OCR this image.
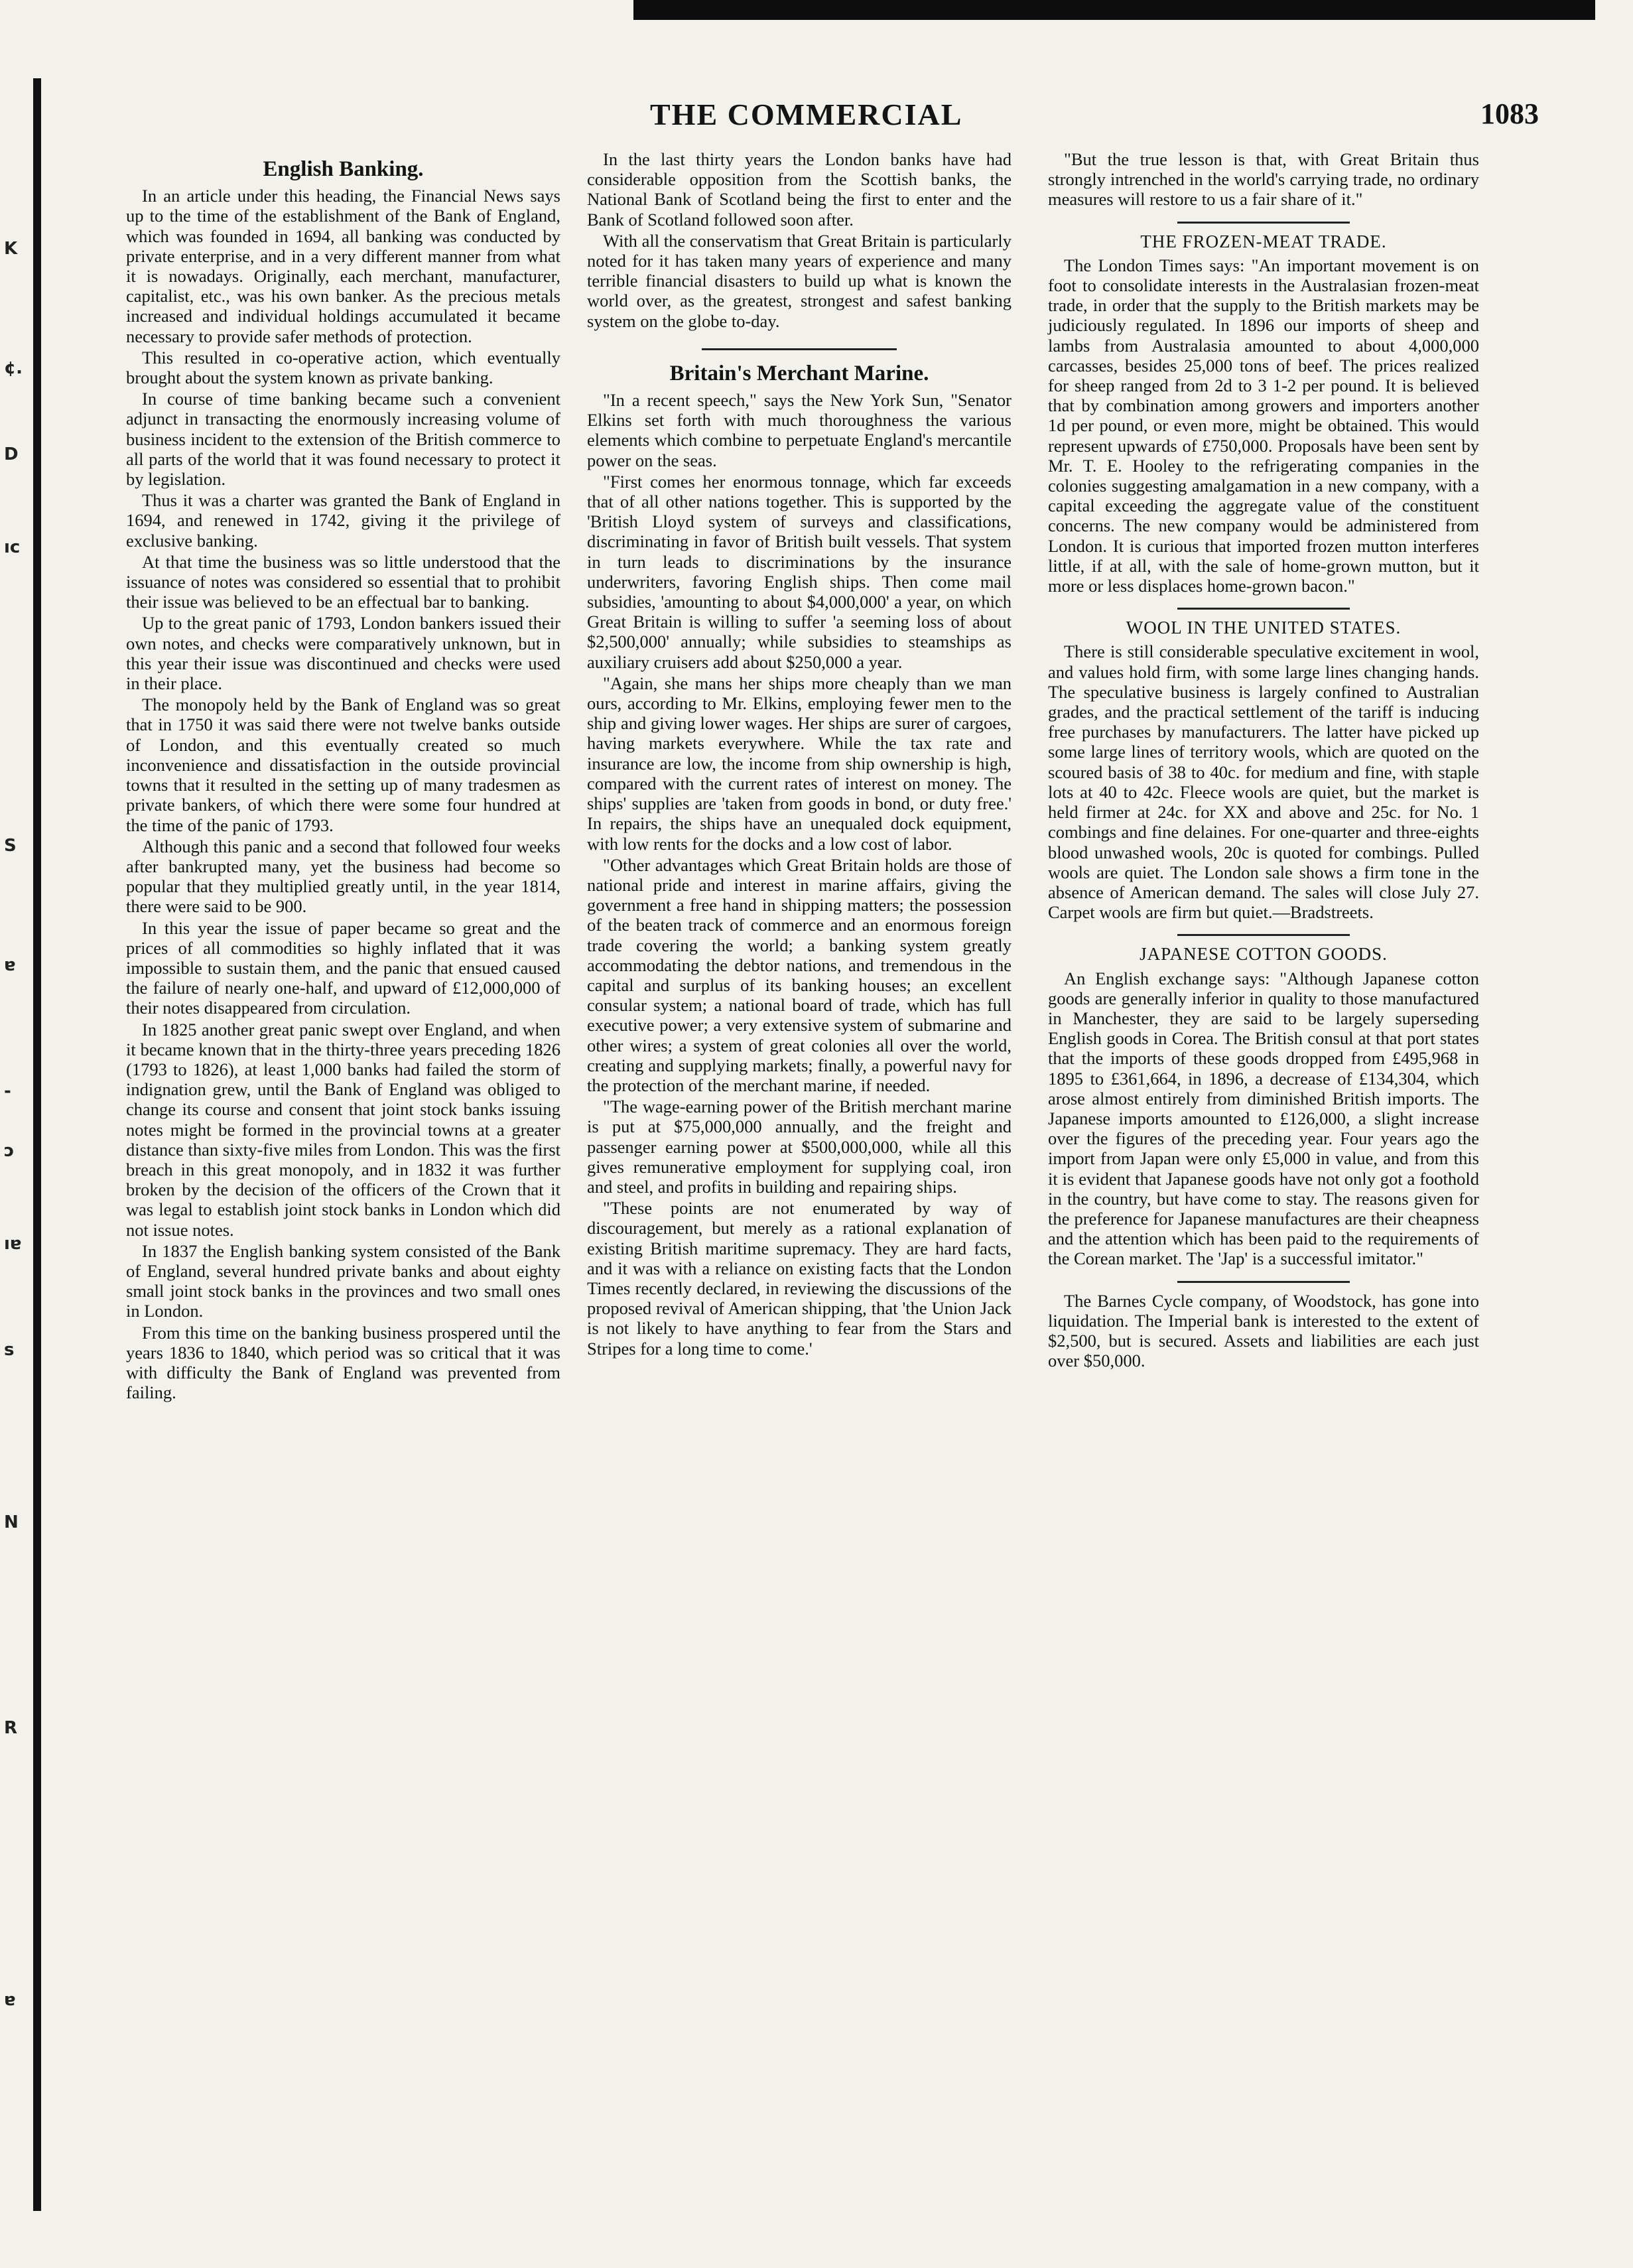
K
¢.
D
ıc
S
ɐ
-
ɔ
ıɐ
s
N
R
ɐ
THE COMMERCIAL	1083
English Banking.

In an article under this heading, the Financial News says up to the time of the establishment of the Bank of England, which was founded in 1694, all banking was conducted by private enterprise, and in a very different manner from what it is nowadays. Originally, each merchant, manufacturer, capitalist, etc., was his own banker. As the precious metals increased and individual holdings accumulated it became necessary to provide safer methods of protection.

This resulted in co-operative action, which eventually brought about the system known as private banking.

In course of time banking became such a convenient adjunct in transacting the enormously increasing volume of business incident to the extension of the British commerce to all parts of the world that it was found necessary to protect it by legislation.

Thus it was a charter was granted the Bank of England in 1694, and renewed in 1742, giving it the privilege of exclusive banking.

At that time the business was so little understood that the issuance of notes was considered so essential that to prohibit their issue was believed to be an effectual bar to banking.

Up to the great panic of 1793, London bankers issued their own notes, and checks were comparatively unknown, but in this year their issue was discontinued and checks were used in their place.

The monopoly held by the Bank of England was so great that in 1750 it was said there were not twelve banks outside of London, and this eventually created so much inconvenience and dissatisfaction in the outside provincial towns that it resulted in the setting up of many tradesmen as private bankers, of which there were some four hundred at the time of the panic of 1793.

Although this panic and a second that followed four weeks after bankrupted many, yet the business had become so popular that they multiplied greatly until, in the year 1814, there were said to be 900.

In this year the issue of paper became so great and the prices of all commodities so highly inflated that it was impossible to sustain them, and the panic that ensued caused the failure of nearly one-half, and upward of £12,000,000 of their notes disappeared from circulation.

In 1825 another great panic swept over England, and when it became known that in the thirty-three years preceding 1826 (1793 to 1826), at least 1,000 banks had failed the storm of indignation grew, until the Bank of England was obliged to change its course and consent that joint stock banks issuing notes might be formed in the provincial towns at a greater distance than sixty-five miles from London. This was the first breach in this great monopoly, and in 1832 it was further broken by the decision of the officers of the Crown that it was legal to establish joint stock banks in London which did not issue notes.

In 1837 the English banking system consisted of the Bank of England, several hundred private banks and about eighty small joint stock banks in the provinces and two small ones in London.

From this time on the banking business prospered until the years 1836 to 1840, which period was so critical that it was with difficulty the Bank of England was prevented from failing.

In the last thirty years the London banks have had considerable opposition from the Scottish banks, the National Bank of Scotland being the first to enter and the Bank of Scotland followed soon after.

With all the conservatism that Great Britain is particularly noted for it has taken many years of experience and many terrible financial disasters to build up what is known the world over, as the greatest, strongest and safest banking system on the globe to-day.

Britain's Merchant Marine.

"In a recent speech," says the New York Sun, "Senator Elkins set forth with much thoroughness the various elements which combine to perpetuate England's mercantile power on the seas.

"First comes her enormous tonnage, which far exceeds that of all other nations together. This is supported by the 'British Lloyd system of surveys and classifications, discriminating in favor of British built vessels. That system in turn leads to discriminations by the insurance underwriters, favoring English ships. Then come mail subsidies, 'amounting to about $4,000,000' a year, on which Great Britain is willing to suffer 'a seeming loss of about $2,500,000' annually; while subsidies to steamships as auxiliary cruisers add about $250,000 a year.

"Again, she mans her ships more cheaply than we man ours, according to Mr. Elkins, employing fewer men to the ship and giving lower wages. Her ships are surer of cargoes, having markets everywhere. While the tax rate and insurance are low, the income from ship ownership is high, compared with the current rates of interest on money. The ships' supplies are 'taken from goods in bond, or duty free.' In repairs, the ships have an unequaled dock equipment, with low rents for the docks and a low cost of labor.

"Other advantages which Great Britain holds are those of national pride and interest in marine affairs, giving the government a free hand in shipping matters; the possession of the beaten track of commerce and an enormous foreign trade covering the world; a banking system greatly accommodating the debtor nations, and tremendous in the capital and surplus of its banking houses; an excellent consular system; a national board of trade, which has full executive power; a very extensive system of submarine and other wires; a system of great colonies all over the world, creating and supplying markets; finally, a powerful navy for the protection of the merchant marine, if needed.

"The wage-earning power of the British merchant marine is put at $75,000,000 annually, and the freight and passenger earning power at $500,000,000, while all this gives remunerative employment for supplying coal, iron and steel, and profits in building and repairing ships.

"These points are not enumerated by way of discouragement, but merely as a rational explanation of existing British maritime supremacy. They are hard facts, and it was with a reliance on existing facts that the London Times recently declared, in reviewing the discussions of the proposed revival of American shipping, that 'the Union Jack is not likely to have anything to fear from the Stars and Stripes for a long time to come.'

"But the true lesson is that, with Great Britain thus strongly intrenched in the world's carrying trade, no ordinary measures will restore to us a fair share of it."

THE FROZEN-MEAT TRADE.

The London Times says: "An important movement is on foot to consolidate interests in the Australasian frozen-meat trade, in order that the supply to the British markets may be judiciously regulated. In 1896 our imports of sheep and lambs from Australasia amounted to about 4,000,000 carcasses, besides 25,000 tons of beef. The prices realized for sheep ranged from 2d to 3 1-2 per pound. It is believed that by combination among growers and importers another 1d per pound, or even more, might be obtained. This would represent upwards of £750,000. Proposals have been sent by Mr. T. E. Hooley to the refrigerating companies in the colonies suggesting amalgamation in a new company, with a capital exceeding the aggregate value of the constituent concerns. The new company would be administered from London. It is curious that imported frozen mutton interferes little, if at all, with the sale of home-grown mutton, but it more or less displaces home-grown bacon."

WOOL IN THE UNITED STATES.

There is still considerable speculative excitement in wool, and values hold firm, with some large lines changing hands. The speculative business is largely confined to Australian grades, and the practical settlement of the tariff is inducing free purchases by manufacturers. The latter have picked up some large lines of territory wools, which are quoted on the scoured basis of 38 to 40c. for medium and fine, with staple lots at 40 to 42c. Fleece wools are quiet, but the market is held firmer at 24c. for XX and above and 25c. for No. 1 combings and fine delaines. For one-quarter and three-eights blood unwashed wools, 20c is quoted for combings. Pulled wools are quiet. The London sale shows a firm tone in the absence of American demand. The sales will close July 27. Carpet wools are firm but quiet.—Bradstreets.

JAPANESE COTTON GOODS.

An English exchange says: "Although Japanese cotton goods are generally inferior in quality to those manufactured in Manchester, they are said to be largely superseding English goods in Corea. The British consul at that port states that the imports of these goods dropped from £495,968 in 1895 to £361,664, in 1896, a decrease of £134,304, which arose almost entirely from diminished British imports. The Japanese imports amounted to £126,000, a slight increase over the figures of the preceding year. Four years ago the import from Japan were only £5,000 in value, and from this it is evident that Japanese goods have not only got a foothold in the country, but have come to stay. The reasons given for the preference for Japanese manufactures are their cheapness and the attention which has been paid to the requirements of the Corean market. The 'Jap' is a successful imitator."

The Barnes Cycle company, of Woodstock, has gone into liquidation. The Imperial bank is interested to the extent of $2,500, but is secured. Assets and liabilities are each just over $50,000.
